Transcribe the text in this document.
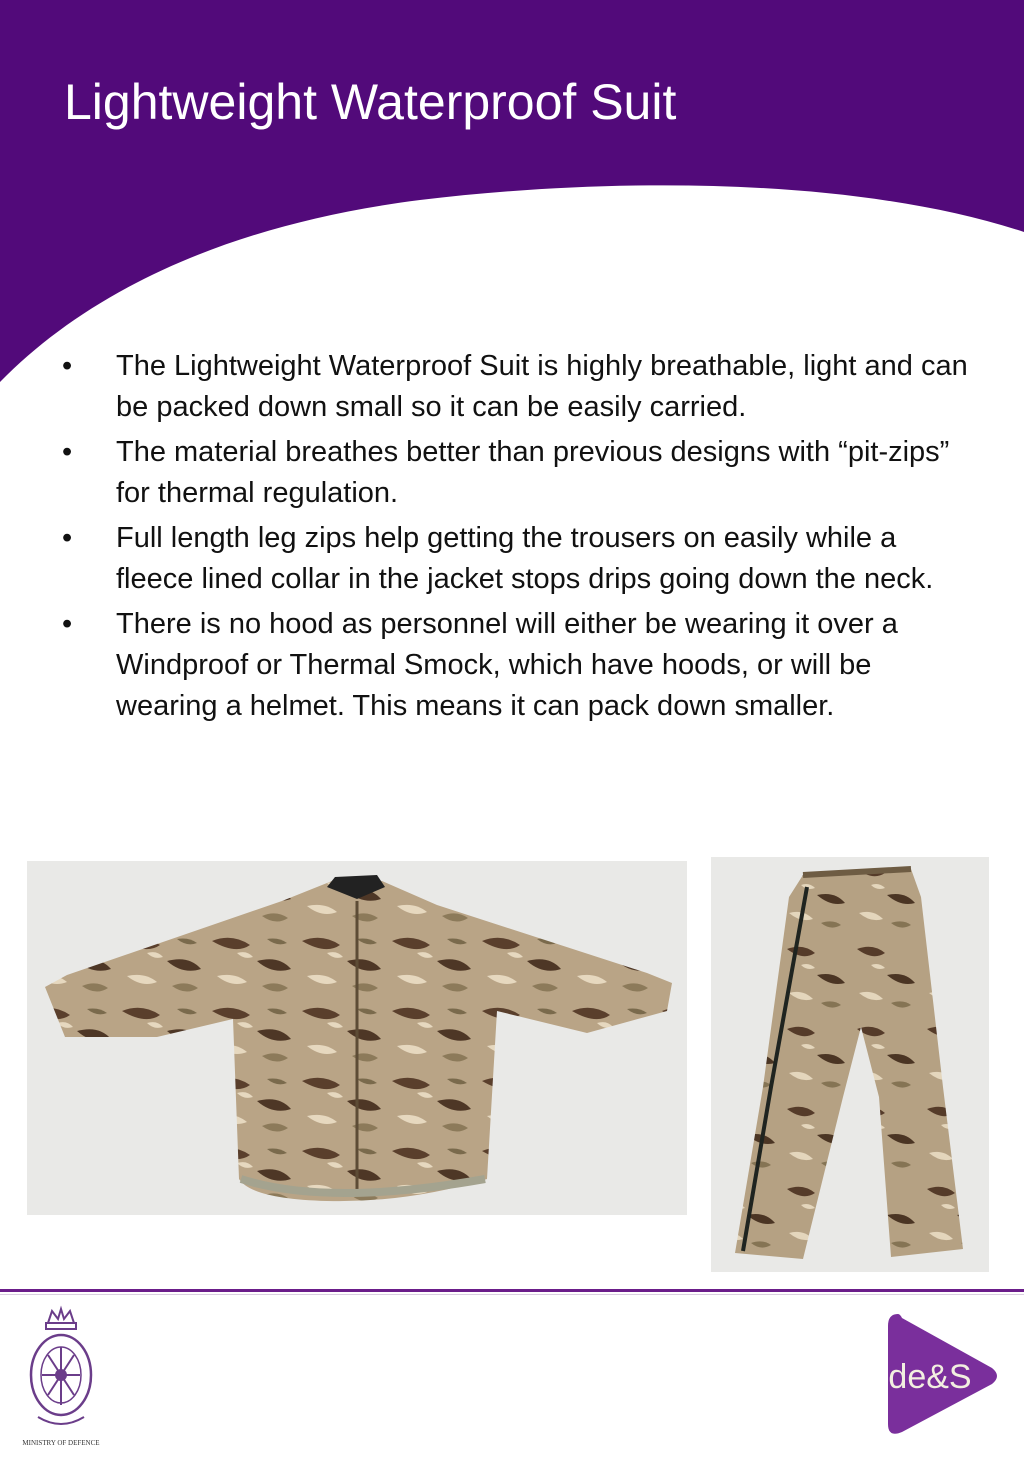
Lightweight Waterproof Suit
• The Lightweight Waterproof Suit is highly breathable, light and can be packed down small so it can be easily carried.
• The material breathes better than previous designs with “pit-zips” for thermal regulation.
• Full length leg zips help getting the trousers on easily while a fleece lined collar in the jacket stops drips going down the neck.
• There is no hood as personnel will either be wearing it over a Windproof or Thermal Smock, which have hoods, or will be wearing a helmet. This means it can pack down smaller.
MINISTRY OF DEFENCE
de&S
